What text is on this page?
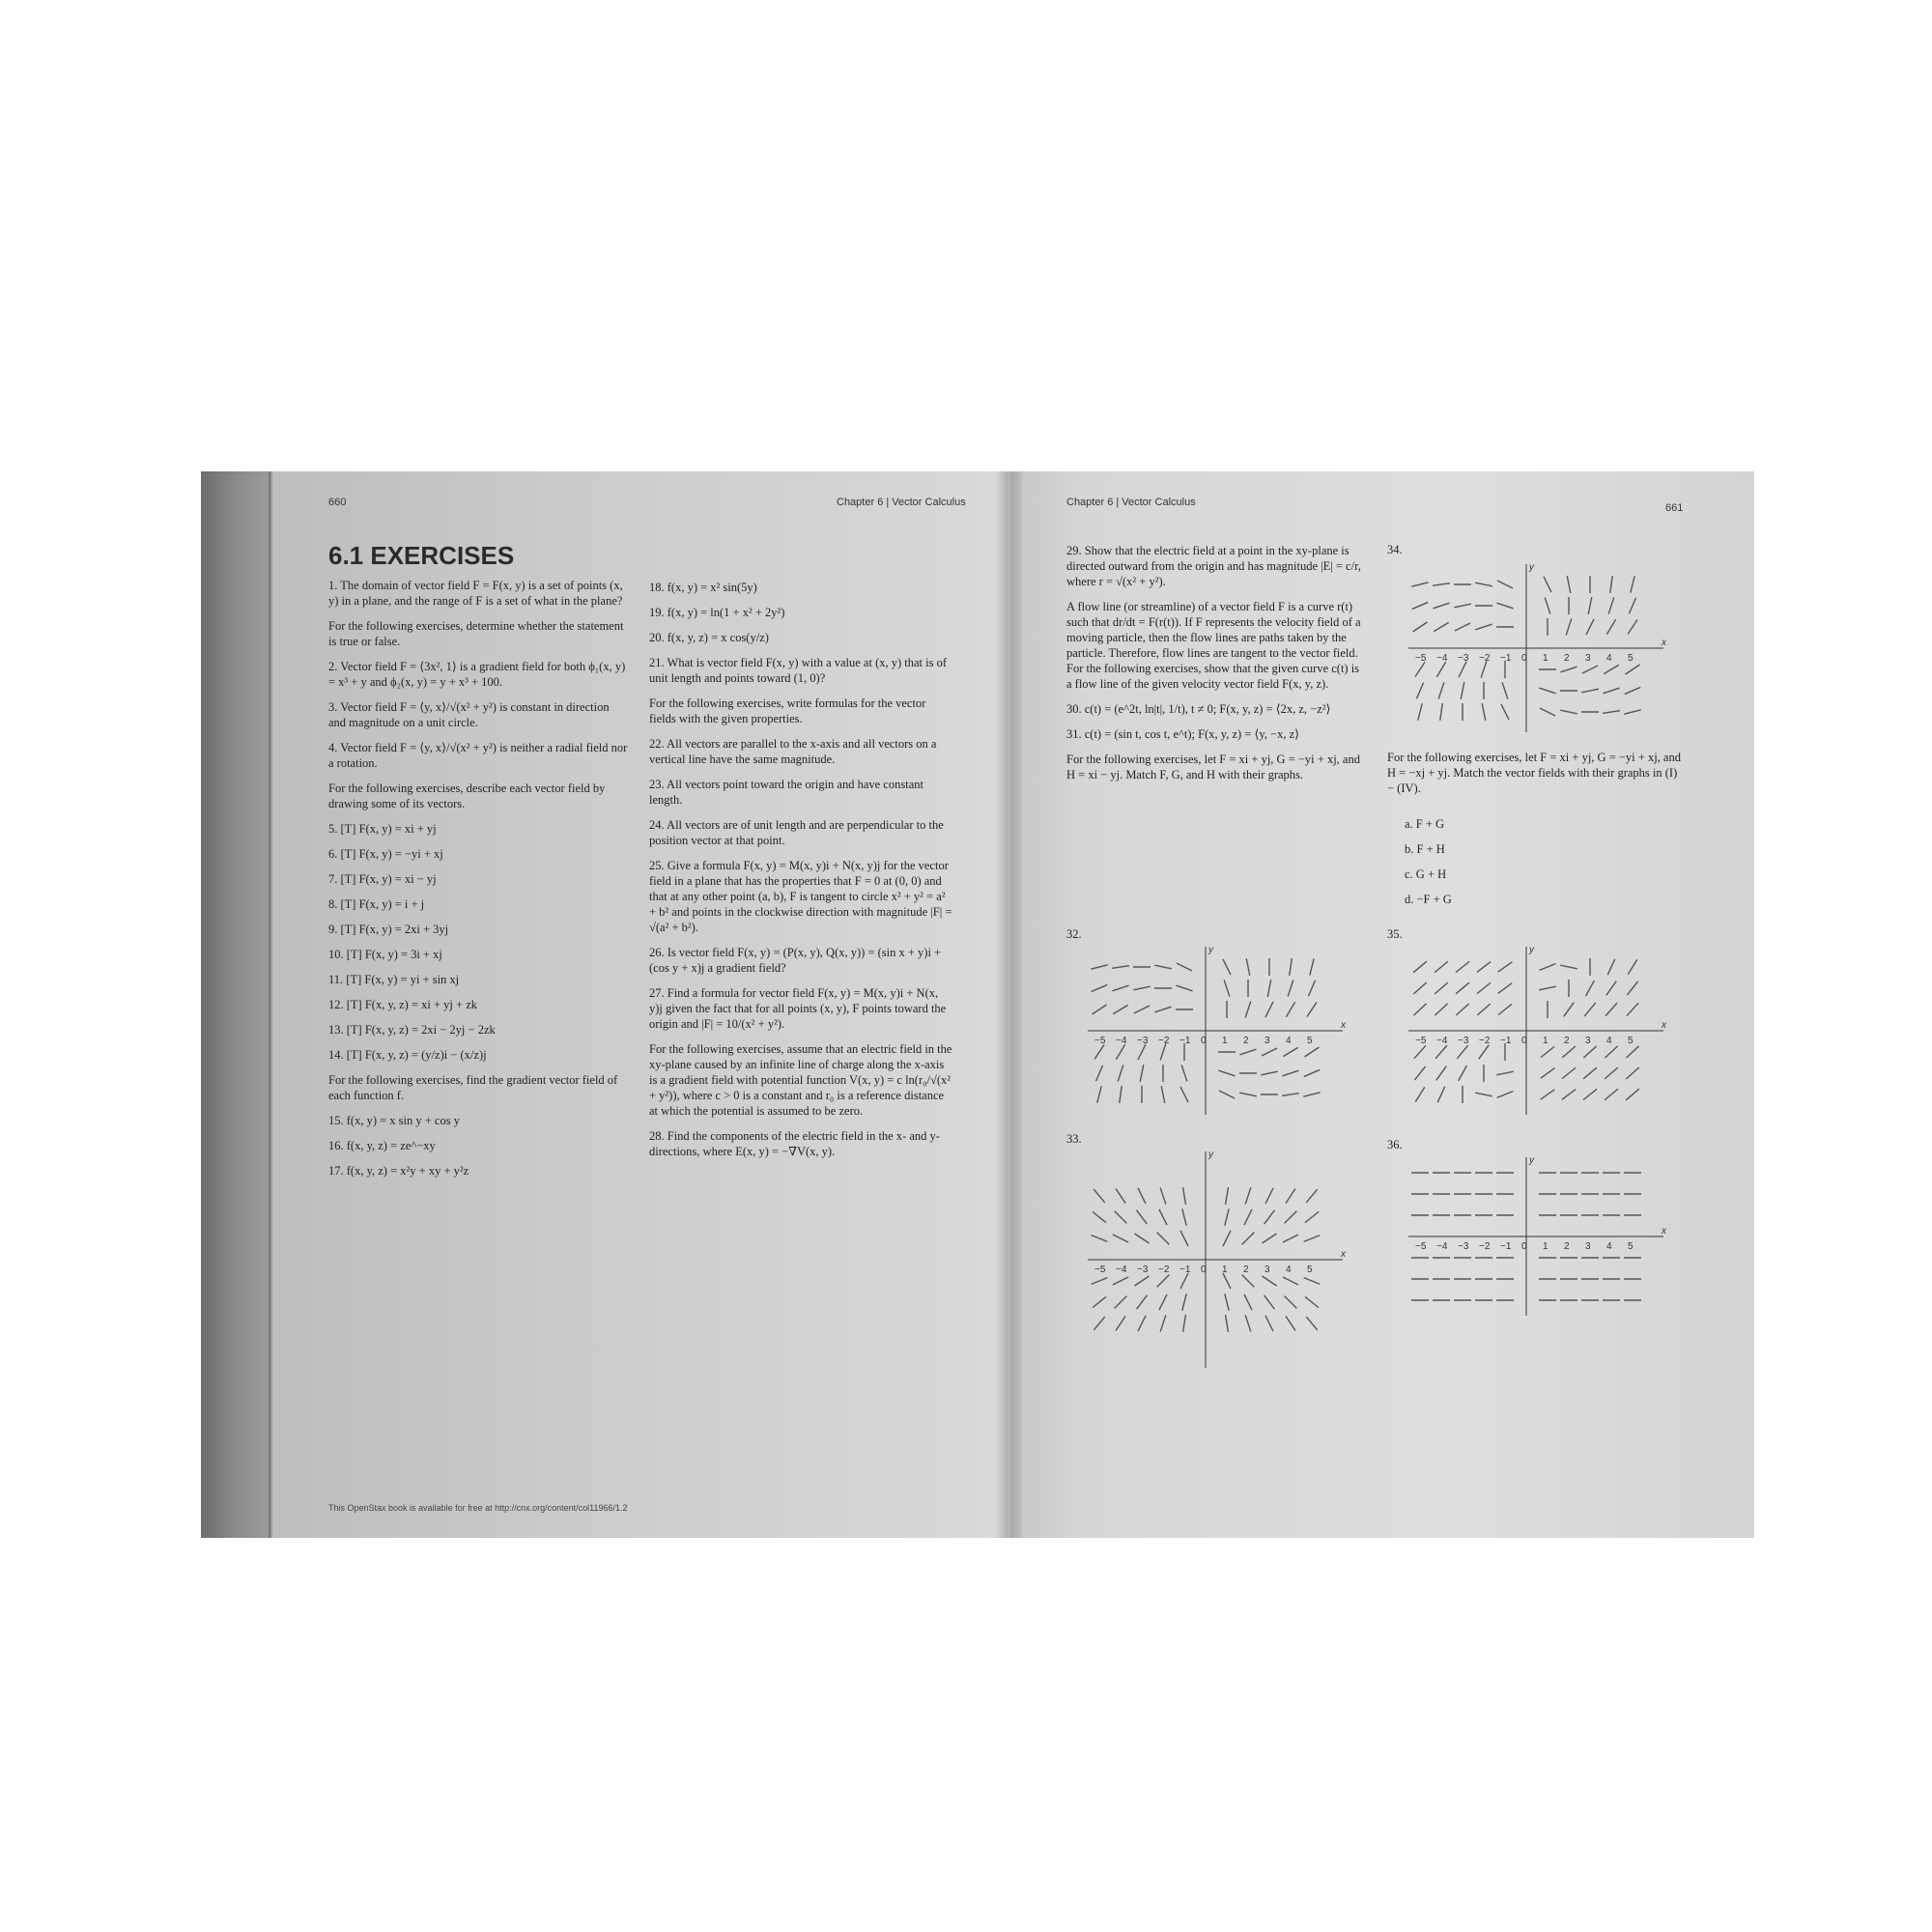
660	Chapter 6 | Vector Calculus
6.1 EXERCISES

1. The domain of vector field F = F(x, y) is a set of points (x, y) in a plane, and the range of F is a set of what in the plane?

For the following exercises, determine whether the statement is true or false.

2. Vector field F = ⟨3x², 1⟩ is a gradient field for both ϕ₁(x, y) = x³ + y and ϕ₂(x, y) = y + x³ + 100.

3. Vector field F = ⟨y, x⟩/√(x² + y²) is constant in direction and magnitude on a unit circle.

4. Vector field F = ⟨y, x⟩/√(x² + y²) is neither a radial field nor a rotation.

For the following exercises, describe each vector field by drawing some of its vectors.

5. [T] F(x, y) = xi + yj

6. [T] F(x, y) = −yi + xj

7. [T] F(x, y) = xi − yj

8. [T] F(x, y) = i + j

9. [T] F(x, y) = 2xi + 3yj

10. [T] F(x, y) = 3i + xj

11. [T] F(x, y) = yi + sin xj

12. [T] F(x, y, z) = xi + yj + zk

13. [T] F(x, y, z) = 2xi − 2yj − 2zk

14. [T] F(x, y, z) = (y/z)i − (x/z)j

For the following exercises, find the gradient vector field of each function f.

15. f(x, y) = x sin y + cos y

16. f(x, y, z) = ze^−xy

17. f(x, y, z) = x²y + xy + y²z

18. f(x, y) = x² sin(5y)

19. f(x, y) = ln(1 + x² + 2y²)

20. f(x, y, z) = x cos(y/z)

21. What is vector field F(x, y) with a value at (x, y) that is of unit length and points toward (1, 0)?

For the following exercises, write formulas for the vector fields with the given properties.

22. All vectors are parallel to the x-axis and all vectors on a vertical line have the same magnitude.

23. All vectors point toward the origin and have constant length.

24. All vectors are of unit length and are perpendicular to the position vector at that point.

25. Give a formula F(x, y) = M(x, y)i + N(x, y)j for the vector field in a plane that has the properties that F = 0 at (0, 0) and that at any other point (a, b), F is tangent to circle x² + y² = a² + b² and points in the clockwise direction with magnitude |F| = √(a² + b²).

26. Is vector field F(x, y) = (P(x, y), Q(x, y)) = (sin x + y)i + (cos y + x)j a gradient field?

27. Find a formula for vector field F(x, y) = M(x, y)i + N(x, y)j given the fact that for all points (x, y), F points toward the origin and |F| = 10/(x² + y²).

For the following exercises, assume that an electric field in the xy-plane caused by an infinite line of charge along the x-axis is a gradient field with potential function V(x, y) = c ln(r₀/√(x² + y²)), where c > 0 is a constant and r₀ is a reference distance at which the potential is assumed to be zero.

28. Find the components of the electric field in the x- and y-directions, where E(x, y) = −∇V(x, y).

This OpenStax book is available for free at http://cnx.org/content/col11966/1.2
Chapter 6 | Vector Calculus	661

29. Show that the electric field at a point in the xy-plane is directed outward from the origin and has magnitude |E| = c/r, where r = √(x² + y²).

A flow line (or streamline) of a vector field F is a curve r(t) such that dr/dt = F(r(t)). If F represents the velocity field of a moving particle, then the flow lines are paths taken by the particle. Therefore, flow lines are tangent to the vector field. For the following exercises, show that the given curve c(t) is a flow line of the given velocity vector field F(x, y, z).

30. c(t) = (e^2t, ln|t|, 1/t), t ≠ 0; F(x, y, z) = ⟨2x, z, −z²⟩

31. c(t) = (sin t, cos t, e^t); F(x, y, z) = ⟨y, −x, z⟩

For the following exercises, let F = xi + yj, G = −yi + xj, and H = xi − yj. Match F, G, and H with their graphs.

For the following exercises, let F = xi + yj, G = −yi + xj, and H = −xj + yj. Match the vector fields with their graphs in (I) − (IV).
a. F + G
b. F + H
c. G + H
d. −F + G
34.
32.
33.
35.
36.
−5 −4 −3 −2 −1 0 1 2 3 4 5
x
y
−5 −4 −3 −2 −1 0 1 2 3 4 5
x
y
−5 −4 −3 −2 −1 0 1 2 3 4 5
x
y
−5 −4 −3 −2 −1 0 1 2 3 4 5
x
y
−5 −4 −3 −2 −1 0 1 2 3 4 5
x
y
